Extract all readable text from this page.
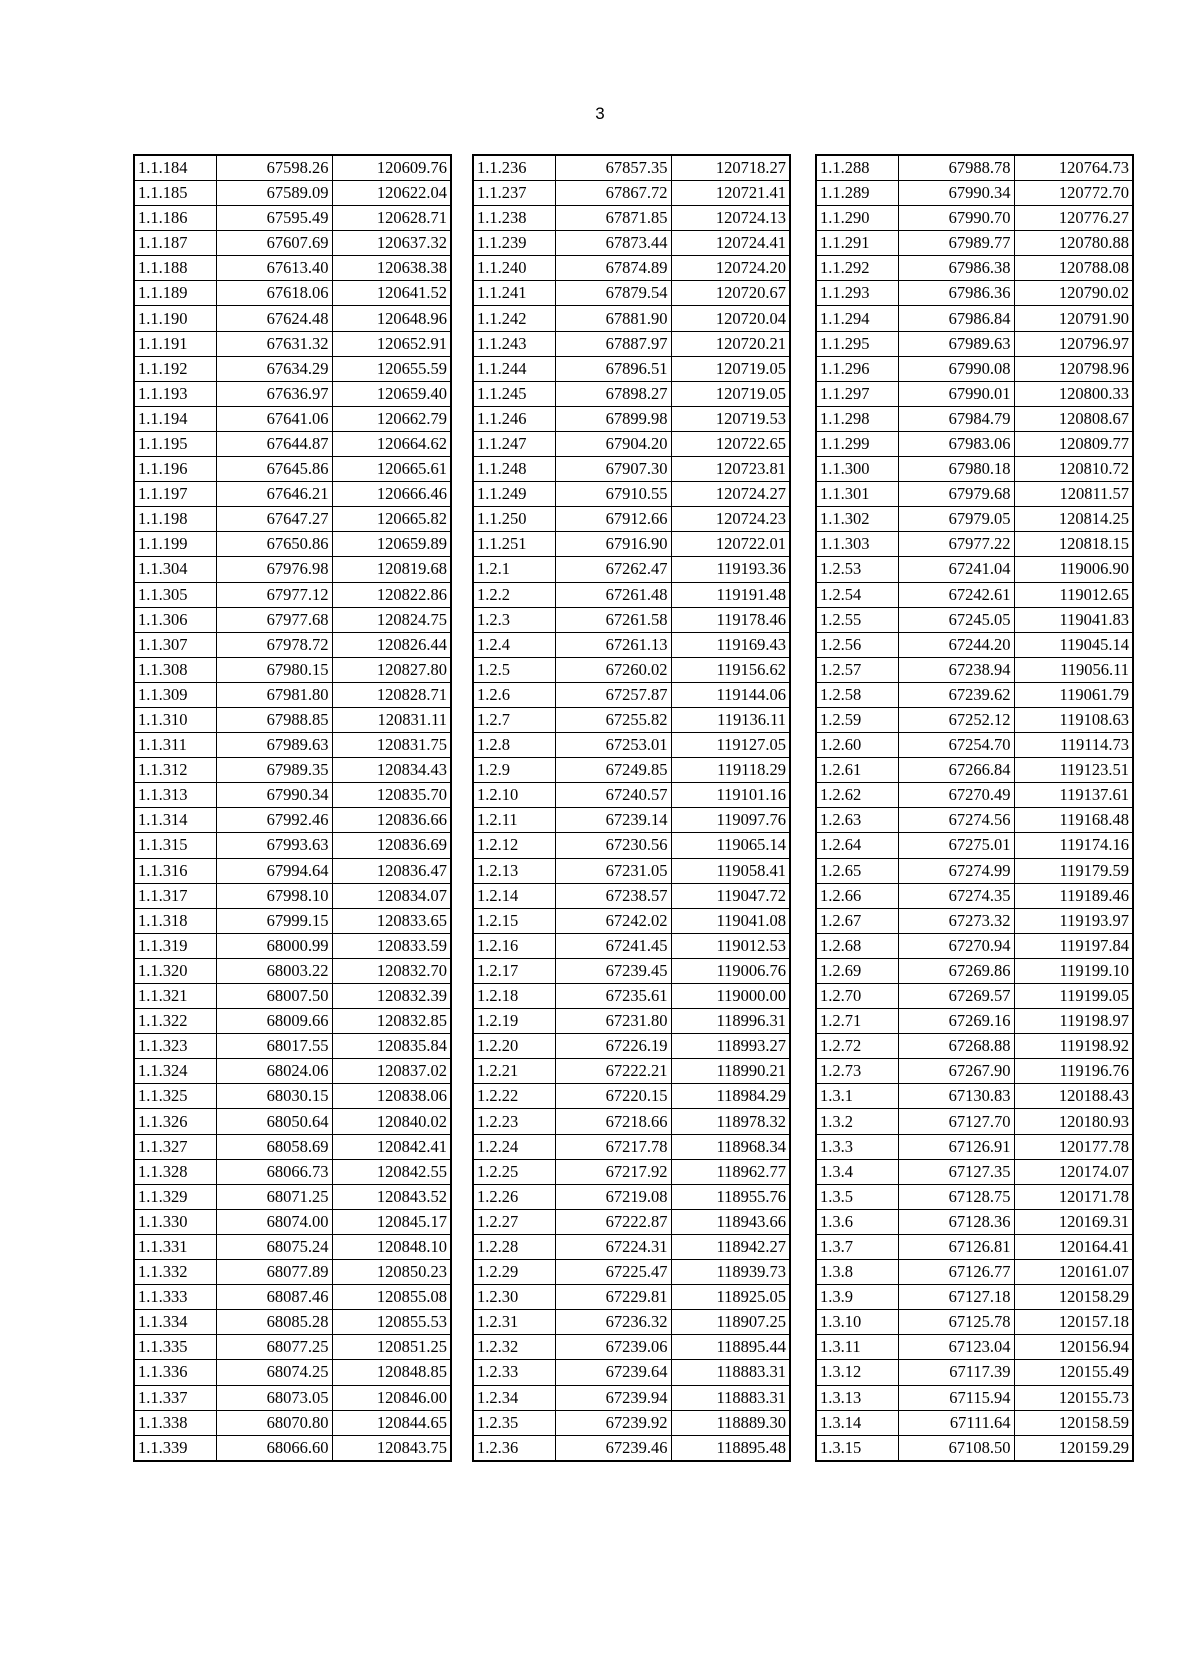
3
1.1.184	67598.26	120609.76
1.1.185	67589.09	120622.04
1.1.186	67595.49	120628.71
1.1.187	67607.69	120637.32
1.1.188	67613.40	120638.38
1.1.189	67618.06	120641.52
1.1.190	67624.48	120648.96
1.1.191	67631.32	120652.91
1.1.192	67634.29	120655.59
1.1.193	67636.97	120659.40
1.1.194	67641.06	120662.79
1.1.195	67644.87	120664.62
1.1.196	67645.86	120665.61
1.1.197	67646.21	120666.46
1.1.198	67647.27	120665.82
1.1.199	67650.86	120659.89
1.1.304	67976.98	120819.68
1.1.305	67977.12	120822.86
1.1.306	67977.68	120824.75
1.1.307	67978.72	120826.44
1.1.308	67980.15	120827.80
1.1.309	67981.80	120828.71
1.1.310	67988.85	120831.11
1.1.311	67989.63	120831.75
1.1.312	67989.35	120834.43
1.1.313	67990.34	120835.70
1.1.314	67992.46	120836.66
1.1.315	67993.63	120836.69
1.1.316	67994.64	120836.47
1.1.317	67998.10	120834.07
1.1.318	67999.15	120833.65
1.1.319	68000.99	120833.59
1.1.320	68003.22	120832.70
1.1.321	68007.50	120832.39
1.1.322	68009.66	120832.85
1.1.323	68017.55	120835.84
1.1.324	68024.06	120837.02
1.1.325	68030.15	120838.06
1.1.326	68050.64	120840.02
1.1.327	68058.69	120842.41
1.1.328	68066.73	120842.55
1.1.329	68071.25	120843.52
1.1.330	68074.00	120845.17
1.1.331	68075.24	120848.10
1.1.332	68077.89	120850.23
1.1.333	68087.46	120855.08
1.1.334	68085.28	120855.53
1.1.335	68077.25	120851.25
1.1.336	68074.25	120848.85
1.1.337	68073.05	120846.00
1.1.338	68070.80	120844.65
1.1.339	68066.60	120843.75
1.1.236	67857.35	120718.27
1.1.237	67867.72	120721.41
1.1.238	67871.85	120724.13
1.1.239	67873.44	120724.41
1.1.240	67874.89	120724.20
1.1.241	67879.54	120720.67
1.1.242	67881.90	120720.04
1.1.243	67887.97	120720.21
1.1.244	67896.51	120719.05
1.1.245	67898.27	120719.05
1.1.246	67899.98	120719.53
1.1.247	67904.20	120722.65
1.1.248	67907.30	120723.81
1.1.249	67910.55	120724.27
1.1.250	67912.66	120724.23
1.1.251	67916.90	120722.01
1.2.1	67262.47	119193.36
1.2.2	67261.48	119191.48
1.2.3	67261.58	119178.46
1.2.4	67261.13	119169.43
1.2.5	67260.02	119156.62
1.2.6	67257.87	119144.06
1.2.7	67255.82	119136.11
1.2.8	67253.01	119127.05
1.2.9	67249.85	119118.29
1.2.10	67240.57	119101.16
1.2.11	67239.14	119097.76
1.2.12	67230.56	119065.14
1.2.13	67231.05	119058.41
1.2.14	67238.57	119047.72
1.2.15	67242.02	119041.08
1.2.16	67241.45	119012.53
1.2.17	67239.45	119006.76
1.2.18	67235.61	119000.00
1.2.19	67231.80	118996.31
1.2.20	67226.19	118993.27
1.2.21	67222.21	118990.21
1.2.22	67220.15	118984.29
1.2.23	67218.66	118978.32
1.2.24	67217.78	118968.34
1.2.25	67217.92	118962.77
1.2.26	67219.08	118955.76
1.2.27	67222.87	118943.66
1.2.28	67224.31	118942.27
1.2.29	67225.47	118939.73
1.2.30	67229.81	118925.05
1.2.31	67236.32	118907.25
1.2.32	67239.06	118895.44
1.2.33	67239.64	118883.31
1.2.34	67239.94	118883.31
1.2.35	67239.92	118889.30
1.2.36	67239.46	118895.48
1.1.288	67988.78	120764.73
1.1.289	67990.34	120772.70
1.1.290	67990.70	120776.27
1.1.291	67989.77	120780.88
1.1.292	67986.38	120788.08
1.1.293	67986.36	120790.02
1.1.294	67986.84	120791.90
1.1.295	67989.63	120796.97
1.1.296	67990.08	120798.96
1.1.297	67990.01	120800.33
1.1.298	67984.79	120808.67
1.1.299	67983.06	120809.77
1.1.300	67980.18	120810.72
1.1.301	67979.68	120811.57
1.1.302	67979.05	120814.25
1.1.303	67977.22	120818.15
1.2.53	67241.04	119006.90
1.2.54	67242.61	119012.65
1.2.55	67245.05	119041.83
1.2.56	67244.20	119045.14
1.2.57	67238.94	119056.11
1.2.58	67239.62	119061.79
1.2.59	67252.12	119108.63
1.2.60	67254.70	119114.73
1.2.61	67266.84	119123.51
1.2.62	67270.49	119137.61
1.2.63	67274.56	119168.48
1.2.64	67275.01	119174.16
1.2.65	67274.99	119179.59
1.2.66	67274.35	119189.46
1.2.67	67273.32	119193.97
1.2.68	67270.94	119197.84
1.2.69	67269.86	119199.10
1.2.70	67269.57	119199.05
1.2.71	67269.16	119198.97
1.2.72	67268.88	119198.92
1.2.73	67267.90	119196.76
1.3.1	67130.83	120188.43
1.3.2	67127.70	120180.93
1.3.3	67126.91	120177.78
1.3.4	67127.35	120174.07
1.3.5	67128.75	120171.78
1.3.6	67128.36	120169.31
1.3.7	67126.81	120164.41
1.3.8	67126.77	120161.07
1.3.9	67127.18	120158.29
1.3.10	67125.78	120157.18
1.3.11	67123.04	120156.94
1.3.12	67117.39	120155.49
1.3.13	67115.94	120155.73
1.3.14	67111.64	120158.59
1.3.15	67108.50	120159.29
